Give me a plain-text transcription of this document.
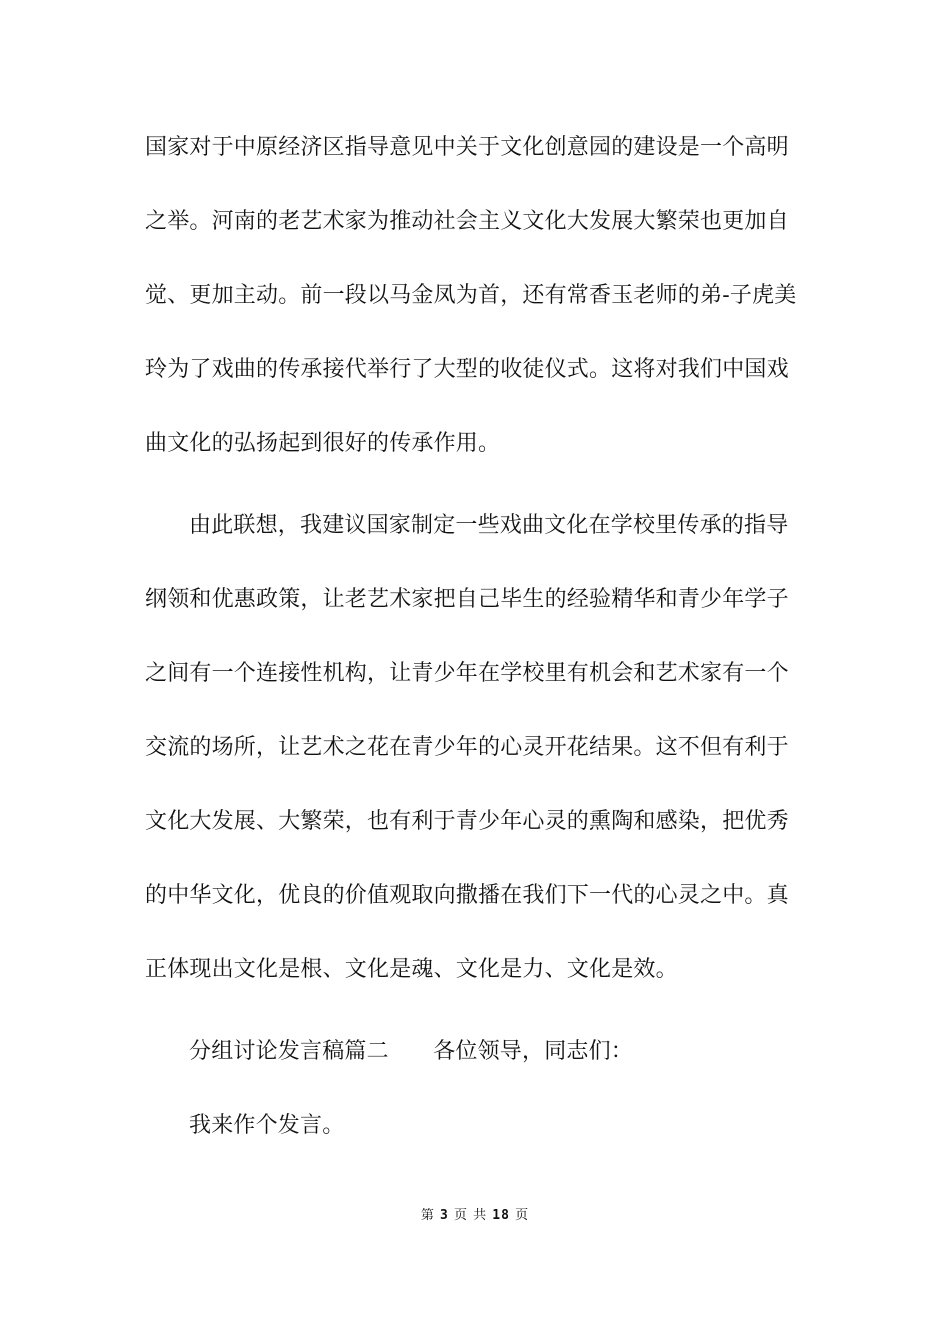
国家对于中原经济区指导意见中关于文化创意园的建设是一个高明
之举。河南的老艺术家为推动社会主义文化大发展大繁荣也更加自
觉、更加主动。前一段以马金凤为首，还有常香玉老师的弟-子虎美
玲为了戏曲的传承接代举行了大型的收徒仪式。这将对我们中国戏
曲文化的弘扬起到很好的传承作用。
由此联想，我建议国家制定一些戏曲文化在学校里传承的指导
纲领和优惠政策，让老艺术家把自己毕生的经验精华和青少年学子
之间有一个连接性机构，让青少年在学校里有机会和艺术家有一个
交流的场所，让艺术之花在青少年的心灵开花结果。这不但有利于
文化大发展、大繁荣，也有利于青少年心灵的熏陶和感染，把优秀
的中华文化，优良的价值观取向撒播在我们下一代的心灵之中。真
正体现出文化是根、文化是魂、文化是力、文化是效。
分组讨论发言稿篇二　　各位领导，同志们：
我来作个发言。
第 3 页 共 18 页
